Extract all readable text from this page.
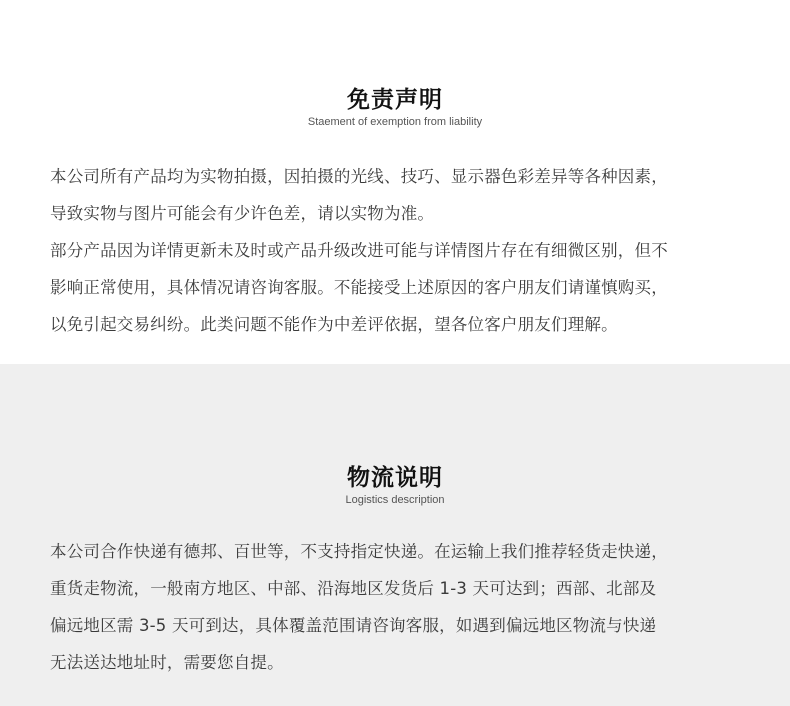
免责声明
Staement of exemption from liability
本公司所有产品均为实物拍摄，因拍摄的光线、技巧、显示器色彩差异等各种因素，
导致实物与图片可能会有少许色差，请以实物为准。
部分产品因为详情更新未及时或产品升级改进可能与详情图片存在有细微区别，但不
影响正常使用，具体情况请咨询客服。不能接受上述原因的客户朋友们请谨慎购买，
以免引起交易纠纷。此类问题不能作为中差评依据，望各位客户朋友们理解。
物流说明
Logistics description
本公司合作快递有德邦、百世等，不支持指定快递。在运输上我们推荐轻货走快递，
重货走物流，一般南方地区、中部、沿海地区发货后 1-3 天可达到；西部、北部及
偏远地区需 3-5 天可到达，具体覆盖范围请咨询客服，如遇到偏远地区物流与快递
无法送达地址时，需要您自提。
